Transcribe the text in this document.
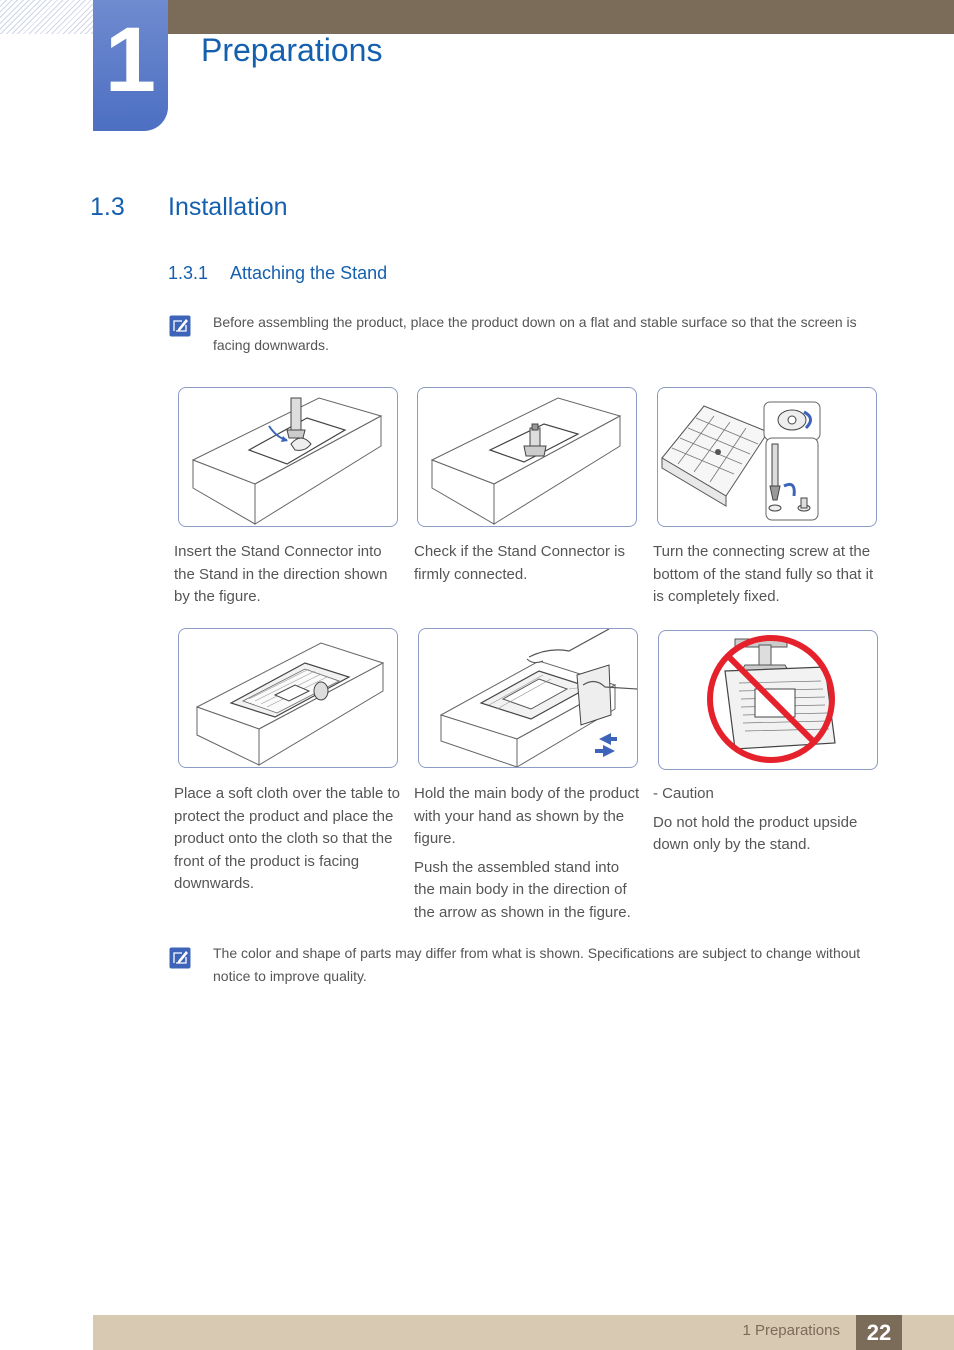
1	Preparations
1.3 Installation
1.3.1 Attaching the Stand

Before assembling the product, place the product down on a flat and stable surface so that the screen is facing downwards.

Insert the Stand Connector into the Stand in the direction shown by the figure.

Check if the Stand Connector is firmly connected.

Turn the connecting screw at the bottom of the stand fully so that it is completely fixed.

Place a soft cloth over the table to protect the product and place the product onto the cloth so that the front of the product is facing downwards.

Hold the main body of the product with your hand as shown by the figure.

Push the assembled stand into the main body in the direction of the arrow as shown in the figure.

- Caution

Do not hold the product upside down only by the stand.

The color and shape of parts may differ from what is shown. Specifications are subject to change without notice to improve quality.

1 Preparations	22
